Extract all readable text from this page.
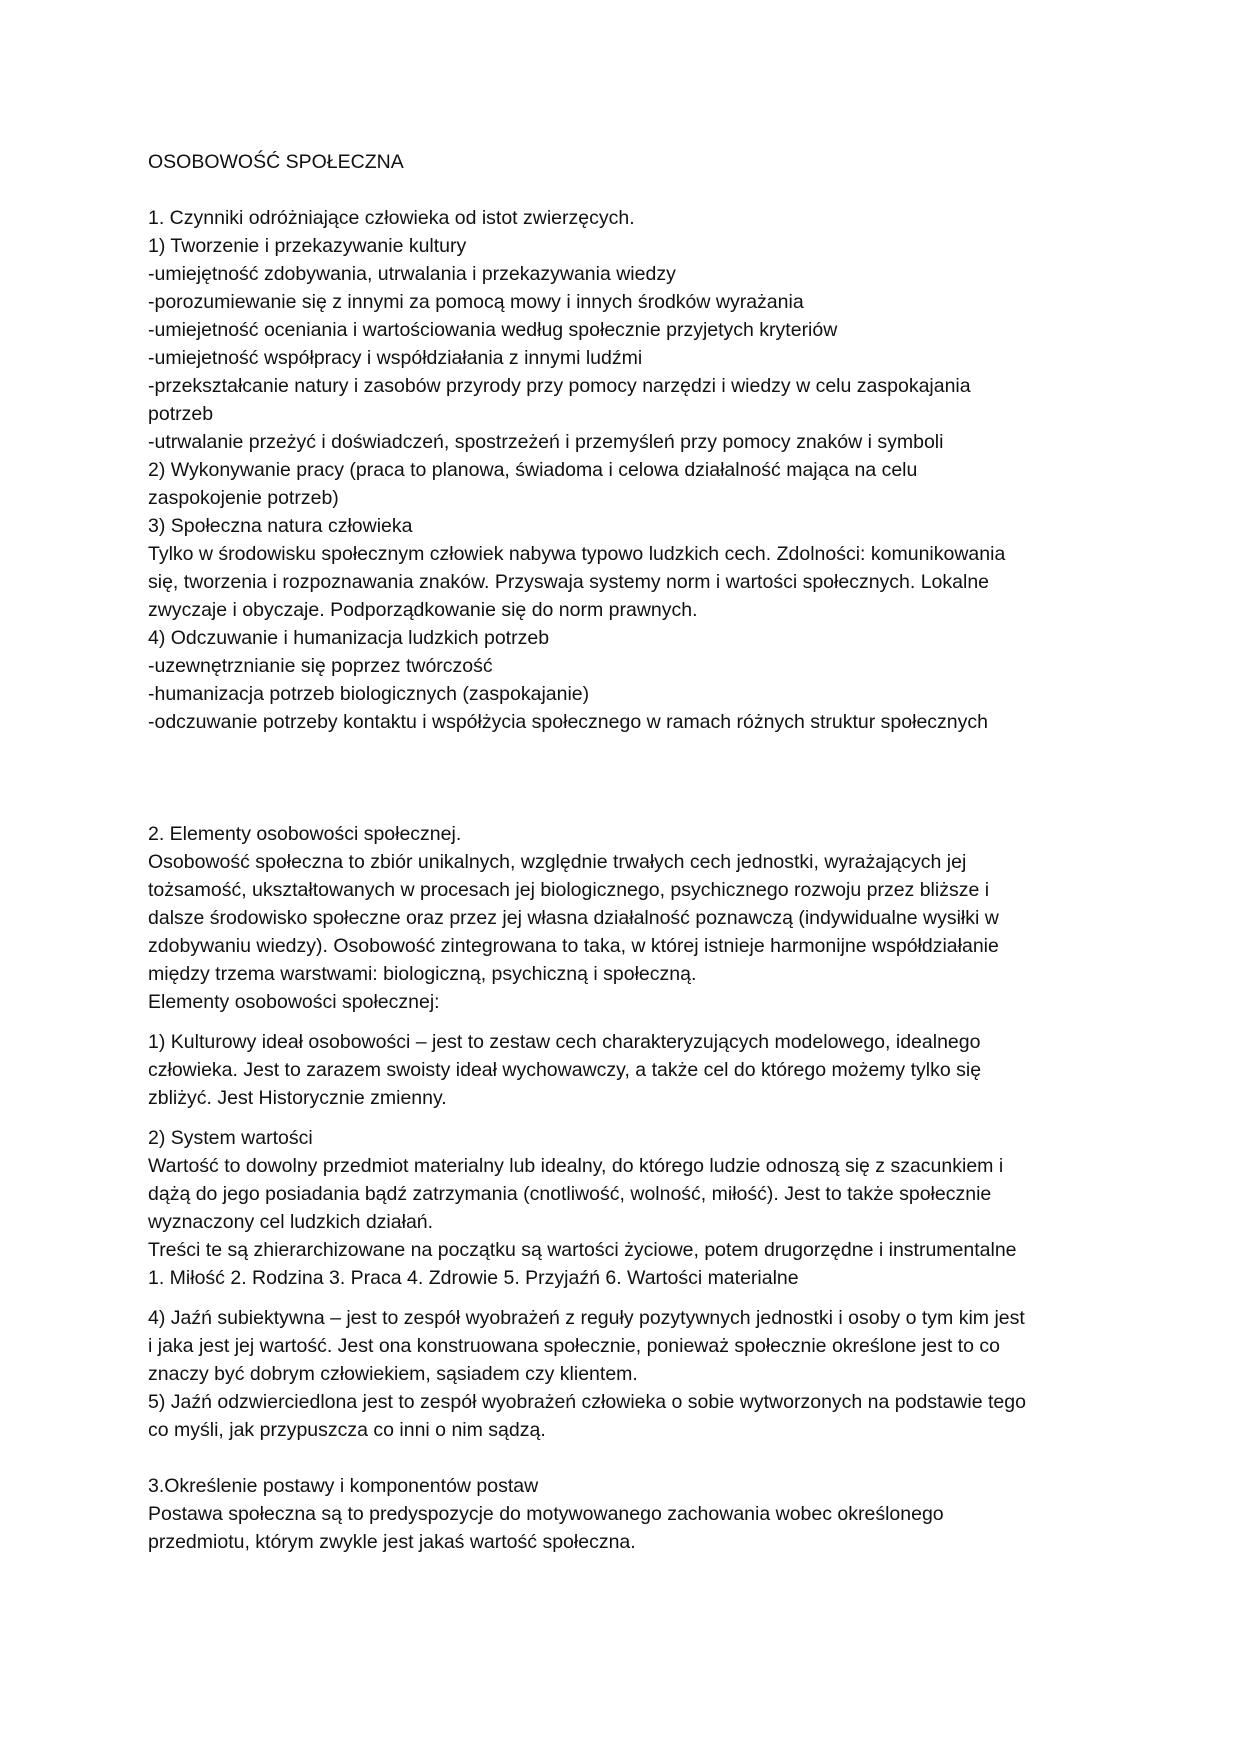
OSOBOWOŚĆ SPOŁECZNA
1. Czynniki odróżniające człowieka od istot zwierzęcych.
1) Tworzenie i przekazywanie kultury
-umiejętność zdobywania, utrwalania i przekazywania wiedzy
-porozumiewanie się z innymi za pomocą mowy i innych środków wyrażania
-umiejetność oceniania i wartościowania według społecznie przyjetych kryteriów
-umiejetność współpracy i współdziałania z innymi ludźmi
-przekształcanie natury i zasobów przyrody przy pomocy narzędzi i wiedzy w celu zaspokajania
potrzeb
-utrwalanie przeżyć i doświadczeń, spostrzeżeń i przemyśleń przy pomocy znaków i symboli
2) Wykonywanie pracy (praca to planowa, świadoma i celowa działalność mająca na celu
zaspokojenie potrzeb)
3) Społeczna natura człowieka
Tylko w środowisku społecznym człowiek nabywa typowo ludzkich cech. Zdolności: komunikowania
się, tworzenia i rozpoznawania znaków. Przyswaja systemy norm i wartości społecznych. Lokalne
zwyczaje i obyczaje. Podporządkowanie się do norm prawnych.
4) Odczuwanie i humanizacja ludzkich potrzeb
-uzewnętrznianie się poprzez twórczość
-humanizacja potrzeb biologicznych (zaspokajanie)
-odczuwanie potrzeby kontaktu i współżycia społecznego w ramach różnych struktur społecznych
2. Elementy osobowości społecznej.
Osobowość społeczna to zbiór unikalnych, względnie trwałych cech jednostki, wyrażających jej
tożsamość, ukształtowanych w procesach jej biologicznego, psychicznego rozwoju przez bliższe i
dalsze środowisko społeczne oraz przez jej własna działalność poznawczą (indywidualne wysiłki w
zdobywaniu wiedzy). Osobowość zintegrowana to taka, w której istnieje harmonijne współdziałanie
między trzema warstwami: biologiczną, psychiczną i społeczną.
Elementy osobowości społecznej:
1) Kulturowy ideał osobowości – jest to zestaw cech charakteryzujących modelowego, idealnego
człowieka. Jest to zarazem swoisty ideał wychowawczy, a także cel do którego możemy tylko się
zbliżyć. Jest Historycznie zmienny.
2) System wartości
Wartość to dowolny przedmiot materialny lub idealny, do którego ludzie odnoszą się z szacunkiem i
dążą do jego posiadania bądź zatrzymania (cnotliwość, wolność, miłość). Jest to także społecznie
wyznaczony cel ludzkich działań.
Treści te są zhierarchizowane na początku są wartości życiowe, potem drugorzędne i instrumentalne
1. Miłość 2. Rodzina 3. Praca 4. Zdrowie 5. Przyjaźń 6. Wartości materialne
4) Jaźń subiektywna – jest to zespół wyobrażeń z reguły pozytywnych jednostki i osoby o tym kim jest
i jaka jest jej wartość. Jest ona konstruowana społecznie, ponieważ społecznie określone jest to co
znaczy być dobrym człowiekiem, sąsiadem czy klientem.
5) Jaźń odzwierciedlona jest to zespół wyobrażeń człowieka o sobie wytworzonych na podstawie tego
co myśli, jak przypuszcza co inni o nim sądzą.
3.Określenie postawy i komponentów postaw
Postawa społeczna są to predyspozycje do motywowanego zachowania wobec określonego
przedmiotu, którym zwykle jest jakaś wartość społeczna.
